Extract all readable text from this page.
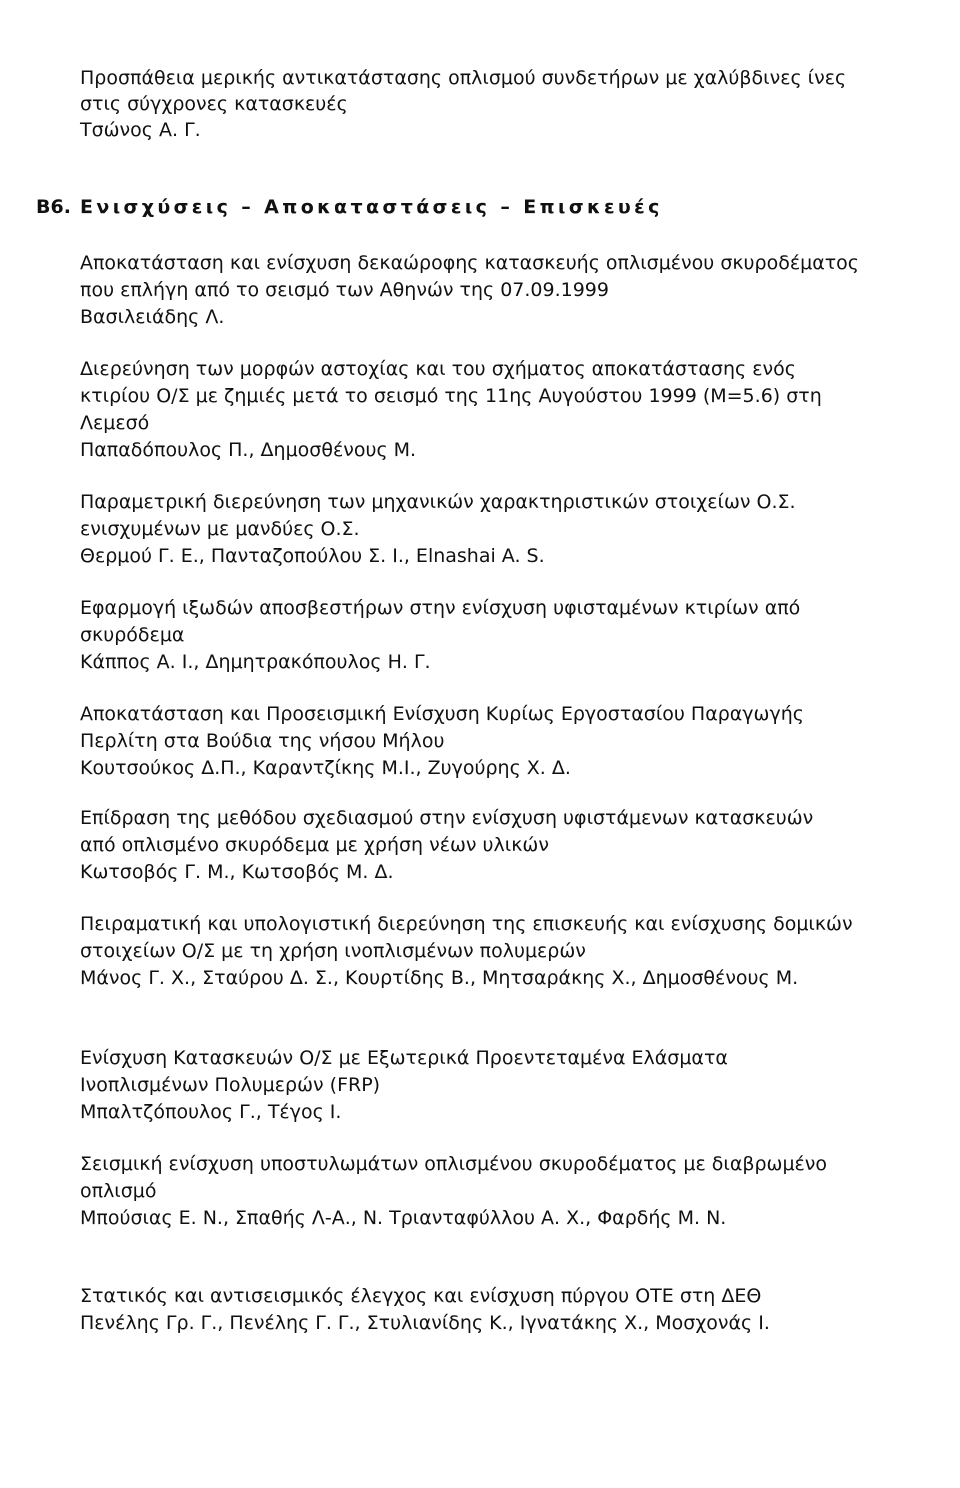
Προσπάθεια μερικής αντικατάστασης οπλισμού συνδετήρων με χαλύβδινες ίνες
στις σύγχρονες κατασκευές
Τσώνος Α. Γ.
Β6. Ενισχύσεις – Αποκαταστάσεις – Επισκευές
Αποκατάσταση και ενίσχυση δεκαώροφης κατασκευής οπλισμένου σκυροδέματος
που επλήγη από το σεισμό των Αθηνών της 07.09.1999
Βασιλειάδης Λ.
Διερεύνηση των μορφών αστοχίας και του σχήματος αποκατάστασης ενός
κτιρίου Ο/Σ με ζημιές μετά το σεισμό της 11ης Αυγούστου 1999 (Μ=5.6) στη
Λεμεσό
Παπαδόπουλος Π., Δημοσθένους Μ.
Παραμετρική διερεύνηση των μηχανικών χαρακτηριστικών στοιχείων Ο.Σ.
ενισχυμένων με μανδύες Ο.Σ.
Θερμού Γ. Ε., Πανταζοπούλου Σ. Ι., Elnashai A. S.
Εφαρμογή ιξωδών αποσβεστήρων στην ενίσχυση υφισταμένων κτιρίων από
σκυρόδεμα
Κάππος Α. Ι., Δημητρακόπουλος Η. Γ.
Αποκατάσταση και Προσεισμική Ενίσχυση Κυρίως Εργοστασίου Παραγωγής
Περλίτη στα Βούδια της νήσου Μήλου
Κουτσούκος Δ.Π., Καραντζίκης Μ.Ι., Ζυγούρης Χ. Δ.
Επίδραση της μεθόδου σχεδιασμού στην ενίσχυση υφιστάμενων κατασκευών
από οπλισμένο σκυρόδεμα με χρήση νέων υλικών
Κωτσοβός Γ. Μ., Κωτσοβός Μ. Δ.
Πειραματική και υπολογιστική διερεύνηση της επισκευής και ενίσχυσης δομικών
στοιχείων Ο/Σ με τη χρήση ινοπλισμένων πολυμερών
Μάνος Γ. Χ., Σταύρου Δ. Σ., Κουρτίδης Β., Μητσαράκης Χ., Δημοσθένους Μ.
Ενίσχυση Κατασκευών Ο/Σ με Εξωτερικά Προεντεταμένα Ελάσματα
Ινοπλισμένων Πολυμερών (FRP)
Μπαλτζόπουλος Γ., Τέγος Ι.
Σεισμική ενίσχυση υποστυλωμάτων οπλισμένου σκυροδέματος με διαβρωμένο
οπλισμό
Μπούσιας Ε. Ν., Σπαθής Λ-Α., Ν. Τριανταφύλλου Α. Χ., Φαρδής Μ. Ν.
Στατικός και αντισεισμικός έλεγχος και ενίσχυση πύργου ΟΤΕ στη ΔΕΘ
Πενέλης Γρ. Γ., Πενέλης Γ. Γ., Στυλιανίδης Κ., Ιγνατάκης Χ., Μοσχονάς Ι.
